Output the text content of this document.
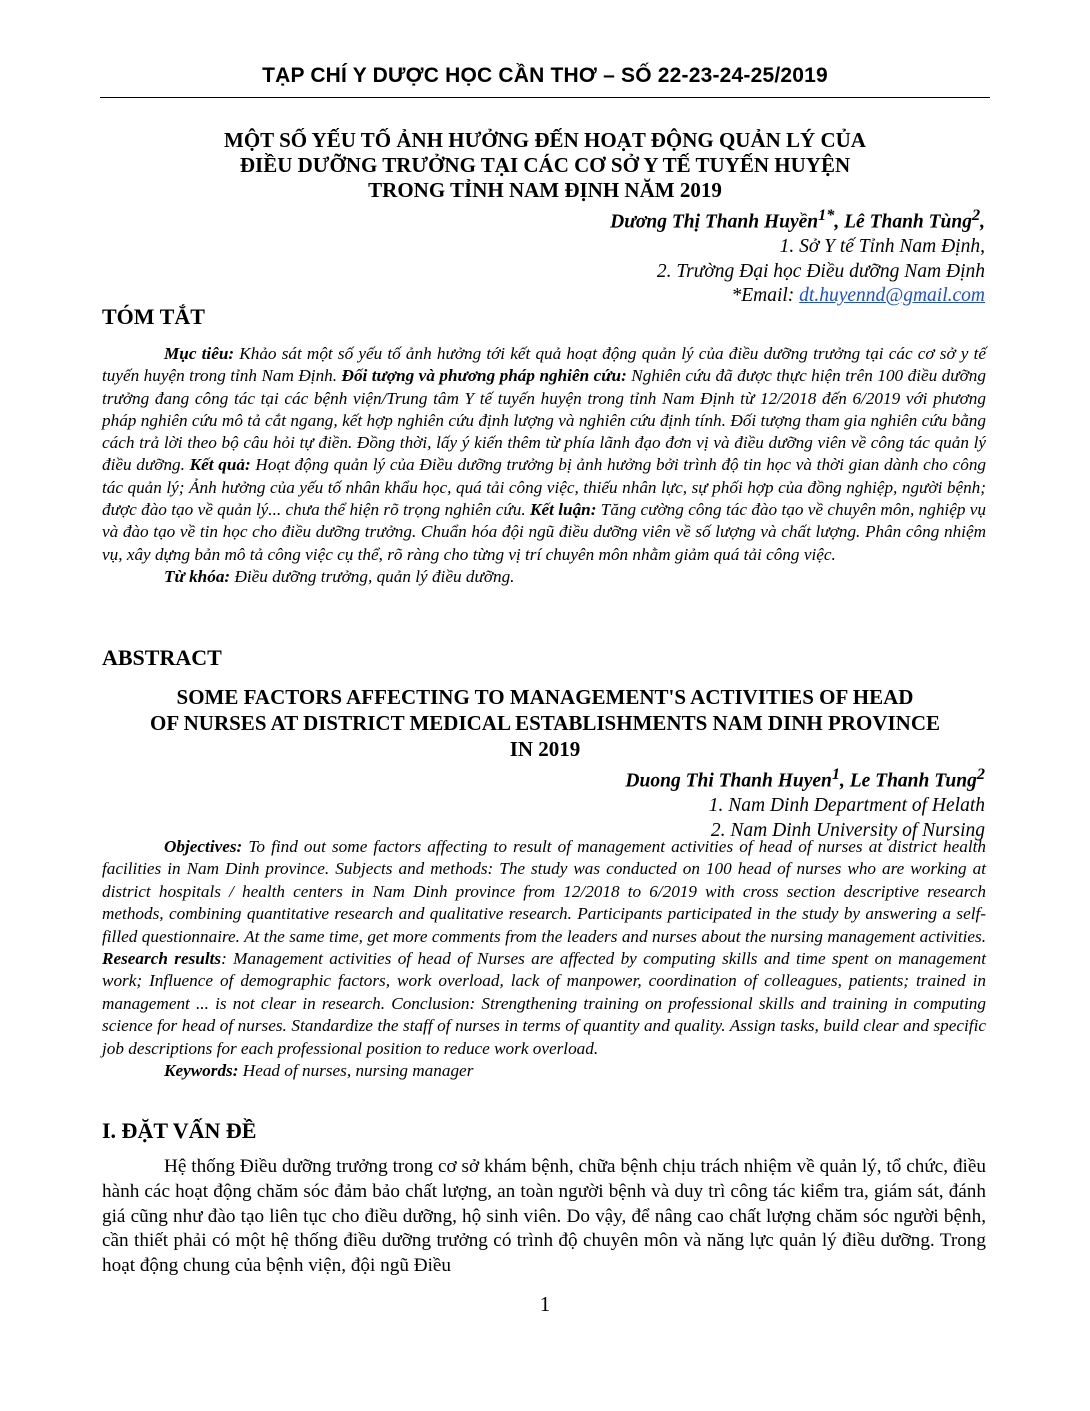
TẠP CHÍ Y DƯỢC HỌC CẦN THƠ – SỐ 22-23-24-25/2019
MỘT SỐ YẾU TỐ ẢNH HƯỞNG ĐẾN HOẠT ĐỘNG QUẢN LÝ CỦA
ĐIỀU DƯỠNG TRƯỞNG TẠI CÁC CƠ SỞ Y TẾ TUYẾN HUYỆN
TRONG TỈNH NAM ĐỊNH NĂM 2019
Dương Thị Thanh Huyền$^{1*}$, Lê Thanh Tùng$^2$,
1. Sở Y tế Tỉnh Nam Định,
2. Trường Đại học Điều dưỡng Nam Định
*Email: dt.huyennd@gmail.com
TÓM TẮT

Mục tiêu: Khảo sát một số yếu tố ảnh hưởng tới kết quả hoạt động quản lý của điều dưỡng trưởng tại các cơ sở y tế tuyến huyện trong tỉnh Nam Định. Đối tượng và phương pháp nghiên cứu: Nghiên cứu đã được thực hiện trên 100 điều dưỡng trưởng đang công tác tại các bệnh viện/Trung tâm Y tế tuyến huyện trong tỉnh Nam Định từ 12/2018 đến 6/2019 với phương pháp nghiên cứu mô tả cắt ngang, kết hợp nghiên cứu định lượng và nghiên cứu định tính. Đối tượng tham gia nghiên cứu bằng cách trả lời theo bộ câu hỏi tự điền. Đồng thời, lấy ý kiến thêm từ phía lãnh đạo đơn vị và điều dưỡng viên về công tác quản lý điều dưỡng. Kết quả: Hoạt động quản lý của Điều dưỡng trưởng bị ảnh hưởng bởi trình độ tin học và thời gian dành cho công tác quản lý; Ảnh hưởng của yếu tố nhân khẩu học, quá tải công việc, thiếu nhân lực, sự phối hợp của đồng nghiệp, người bệnh; được đào tạo về quản lý... chưa thể hiện rõ trọng nghiên cứu. Kết luận: Tăng cường công tác đào tạo về chuyên môn, nghiệp vụ và đào tạo về tin học cho điều dưỡng trưởng. Chuẩn hóa đội ngũ điều dưỡng viên về số lượng và chất lượng. Phân công nhiệm vụ, xây dựng bản mô tả công việc cụ thể, rõ ràng cho từng vị trí chuyên môn nhằm giảm quá tải công việc.

Từ khóa: Điều dưỡng trưởng, quản lý điều dưỡng.

ABSTRACT
SOME FACTORS AFFECTING TO MANAGEMENT'S ACTIVITIES OF HEAD
OF NURSES AT DISTRICT MEDICAL ESTABLISHMENTS NAM DINH PROVINCE
IN 2019
Duong Thi Thanh Huyen$^1$, Le Thanh Tung$^2$
1. Nam Dinh Department of Helath
2. Nam Dinh University of Nursing

Objectives: To find out some factors affecting to result of management activities of head of nurses at district health facilities in Nam Dinh province. Subjects and methods: The study was conducted on 100 head of nurses who are working at district hospitals / health centers in Nam Dinh province from 12/2018 to 6/2019 with cross section descriptive research methods, combining quantitative research and qualitative research. Participants participated in the study by answering a self-filled questionnaire. At the same time, get more comments from the leaders and nurses about the nursing management activities. Research results: Management activities of head of Nurses are affected by computing skills and time spent on management work; Influence of demographic factors, work overload, lack of manpower, coordination of colleagues, patients; trained in management ... is not clear in research. Conclusion: Strengthening training on professional skills and training in computing science for head of nurses. Standardize the staff of nurses in terms of quantity and quality. Assign tasks, build clear and specific job descriptions for each professional position to reduce work overload.

Keywords: Head of nurses, nursing manager

I. ĐẶT VẤN ĐỀ

Hệ thống Điều dưỡng trưởng trong cơ sở khám bệnh, chữa bệnh chịu trách nhiệm về quản lý, tổ chức, điều hành các hoạt động chăm sóc đảm bảo chất lượng, an toàn người bệnh và duy trì công tác kiểm tra, giám sát, đánh giá cũng như đào tạo liên tục cho điều dưỡng, hộ sinh viên. Do vậy, để nâng cao chất lượng chăm sóc người bệnh, cần thiết phải có một hệ thống điều dưỡng trưởng có trình độ chuyên môn và năng lực quản lý điều dưỡng. Trong hoạt động chung của bệnh viện, đội ngũ Điều

1
